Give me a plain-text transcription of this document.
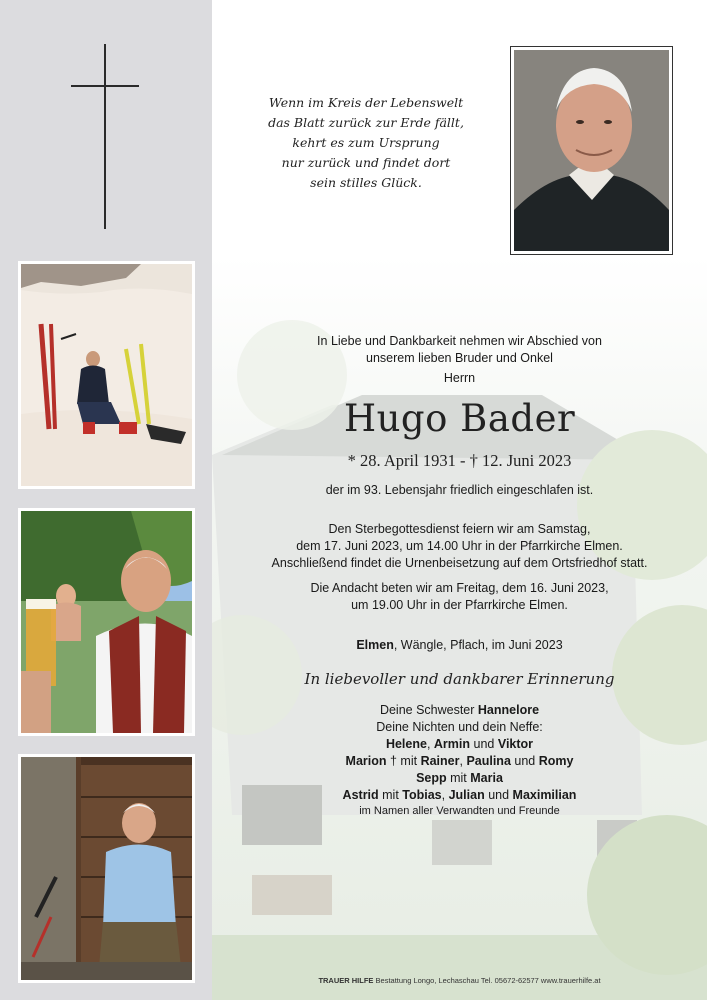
Wenn im Kreis der Lebenswelt
das Blatt zurück zur Erde fällt,
kehrt es zum Ursprung
nur zurück und findet dort
sein stilles Glück.
In Liebe und Dankbarkeit nehmen wir Abschied von
unserem lieben Bruder und Onkel
Herrn
Hugo Bader
* 28. April 1931 - † 12. Juni 2023
der im 93. Lebensjahr friedlich eingeschlafen ist.
Den Sterbegottesdienst feiern wir am Samstag,
dem 17. Juni 2023, um 14.00 Uhr in der Pfarrkirche Elmen.
Anschließend findet die Urnenbeisetzung auf dem Ortsfriedhof statt.
Die Andacht beten wir am Freitag, dem 16. Juni 2023,
um 19.00 Uhr in der Pfarrkirche Elmen.
Elmen, Wängle, Pflach, im Juni 2023
In liebevoller und dankbarer Erinnerung
Deine Schwester Hannelore
Deine Nichten und dein Neffe:
Helene, Armin und Viktor
Marion † mit Rainer, Paulina und Romy
Sepp mit Maria
Astrid mit Tobias, Julian und Maximilian
im Namen aller Verwandten und Freunde
TRAUER HILFE Bestattung Longo, Lechaschau Tel. 05672-62577 www.trauerhilfe.at
